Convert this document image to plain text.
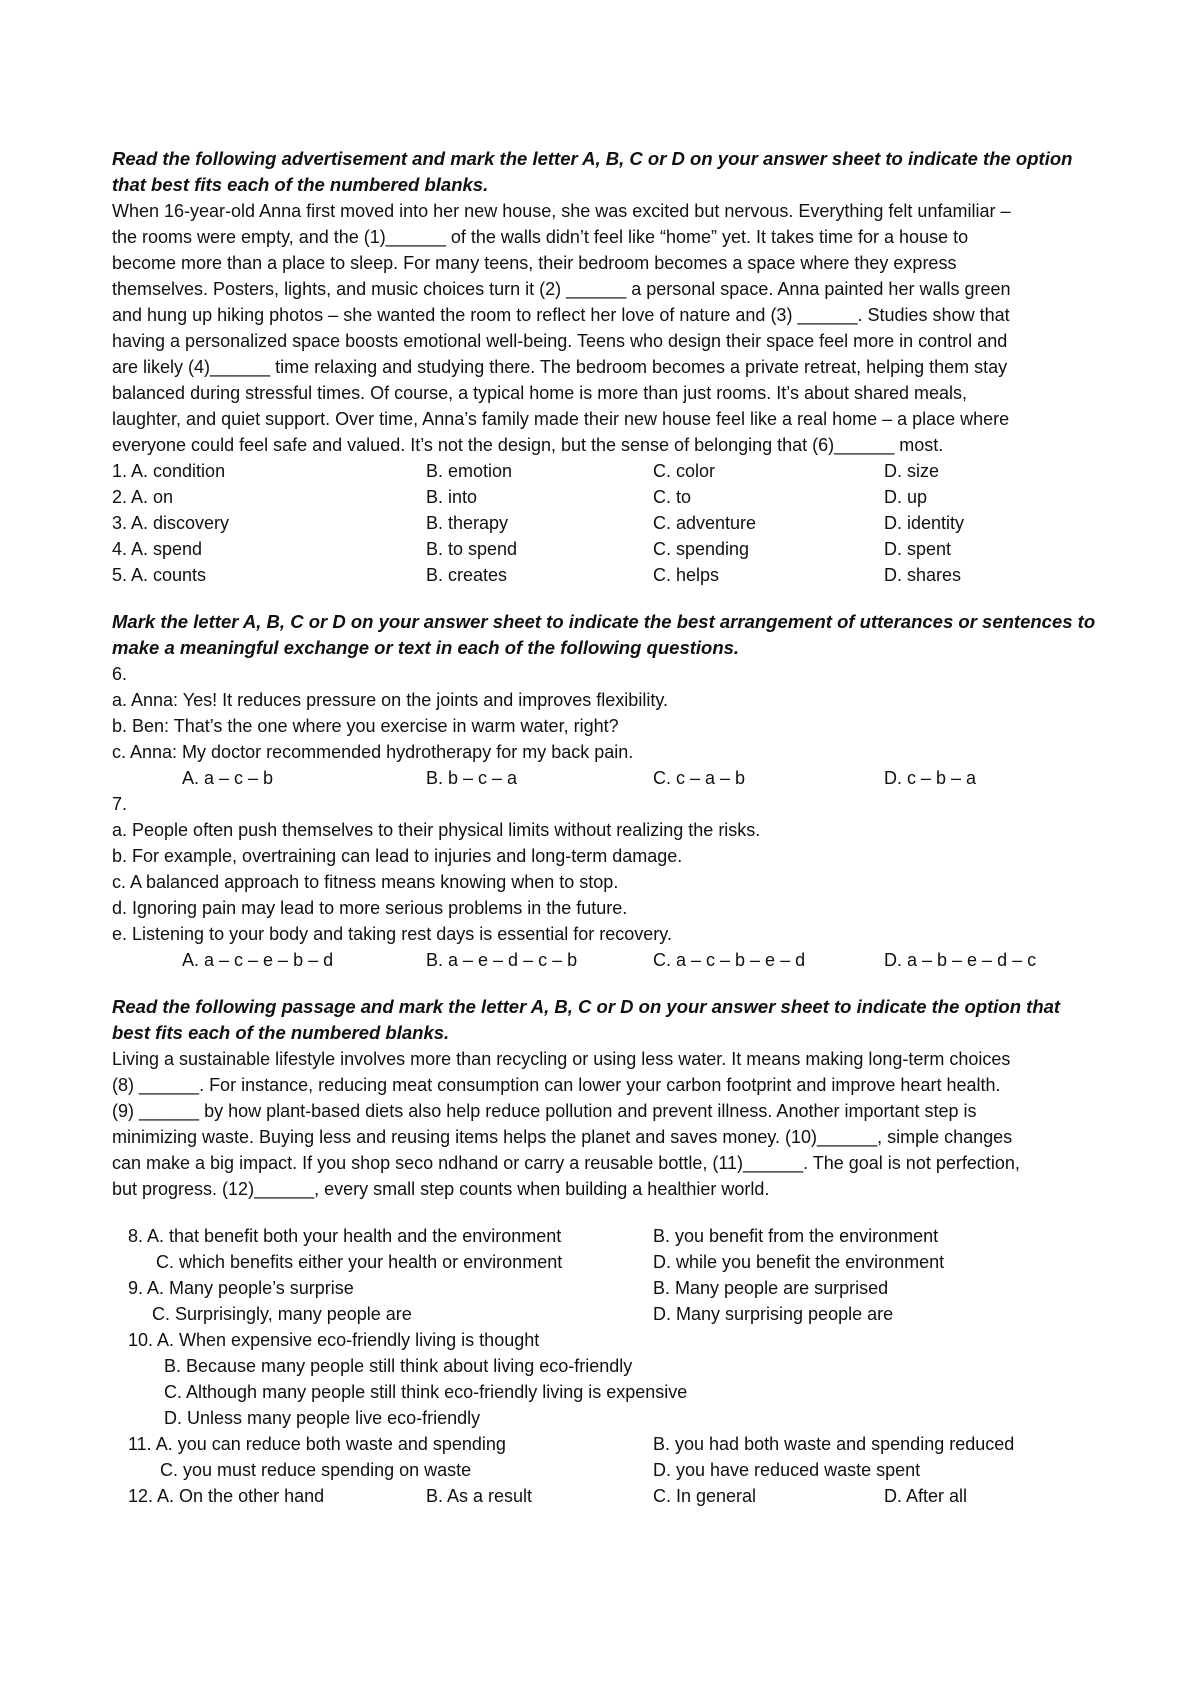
Read the following advertisement and mark the letter A, B, C or D on your answer sheet to indicate the option
that best fits each of the numbered blanks.
When 16-year-old Anna first moved into her new house, she was excited but nervous. Everything felt unfamiliar –
the rooms were empty, and the (1)______ of the walls didn’t feel like “home” yet. It takes time for a house to
become more than a place to sleep. For many teens, their bedroom becomes a space where they express
themselves. Posters, lights, and music choices turn it (2) ______ a personal space. Anna painted her walls green
and hung up hiking photos – she wanted the room to reflect her love of nature and (3) ______. Studies show that
having a personalized space boosts emotional well-being. Teens who design their space feel more in control and
are likely (4)______ time relaxing and studying there. The bedroom becomes a private retreat, helping them stay
balanced during stressful times. Of course, a typical home is more than just rooms. It’s about shared meals,
laughter, and quiet support. Over time, Anna’s family made their new house feel like a real home – a place where
everyone could feel safe and valued. It’s not the design, but the sense of belonging that (6)______ most.
1. A. condition	B. emotion	C. color	D. size
2. A. on	B. into	C. to	D. up
3. A. discovery	B. therapy	C. adventure	D. identity
4. A. spend	B. to spend	C. spending	D. spent
5. A. counts	B. creates	C. helps	D. shares
Mark the letter A, B, C or D on your answer sheet to indicate the best arrangement of utterances or sentences to
make a meaningful exchange or text in each of the following questions.
6.
a. Anna: Yes! It reduces pressure on the joints and improves flexibility.
b. Ben: That’s the one where you exercise in warm water, right?
c. Anna: My doctor recommended hydrotherapy for my back pain.
A. a – c – b	B. b – c – a	C. c – a – b	D. c – b – a
7.
a. People often push themselves to their physical limits without realizing the risks.
b. For example, overtraining can lead to injuries and long-term damage.
c. A balanced approach to fitness means knowing when to stop.
d. Ignoring pain may lead to more serious problems in the future.
e. Listening to your body and taking rest days is essential for recovery.
A. a – c – e – b – d	B. a – e – d – c – b	C. a – c – b – e – d	D. a – b – e – d – c
Read the following passage and mark the letter A, B, C or D on your answer sheet to indicate the option that
best fits each of the numbered blanks.
Living a sustainable lifestyle involves more than recycling or using less water. It means making long-term choices
(8) ______. For instance, reducing meat consumption can lower your carbon footprint and improve heart health.
(9) ______ by how plant-based diets also help reduce pollution and prevent illness. Another important step is
minimizing waste. Buying less and reusing items helps the planet and saves money. (10)______, simple changes
can make a big impact. If you shop seco ndhand or carry a reusable bottle, (11)______. The goal is not perfection,
but progress. (12)______, every small step counts when building a healthier world.
8. A. that benefit both your health and the environment	B. you benefit from the environment
C. which benefits either your health or environment	D. while you benefit the environment
9. A. Many people’s surprise	B. Many people are surprised
C. Surprisingly, many people are	D. Many surprising people are
10. A. When expensive eco-friendly living is thought
B. Because many people still think about living eco-friendly
C. Although many people still think eco-friendly living is expensive
D. Unless many people live eco-friendly
11. A. you can reduce both waste and spending	B. you had both waste and spending reduced
C. you must reduce spending on waste	D. you have reduced waste spent
12. A. On the other hand	B. As a result	C. In general	D. After all
